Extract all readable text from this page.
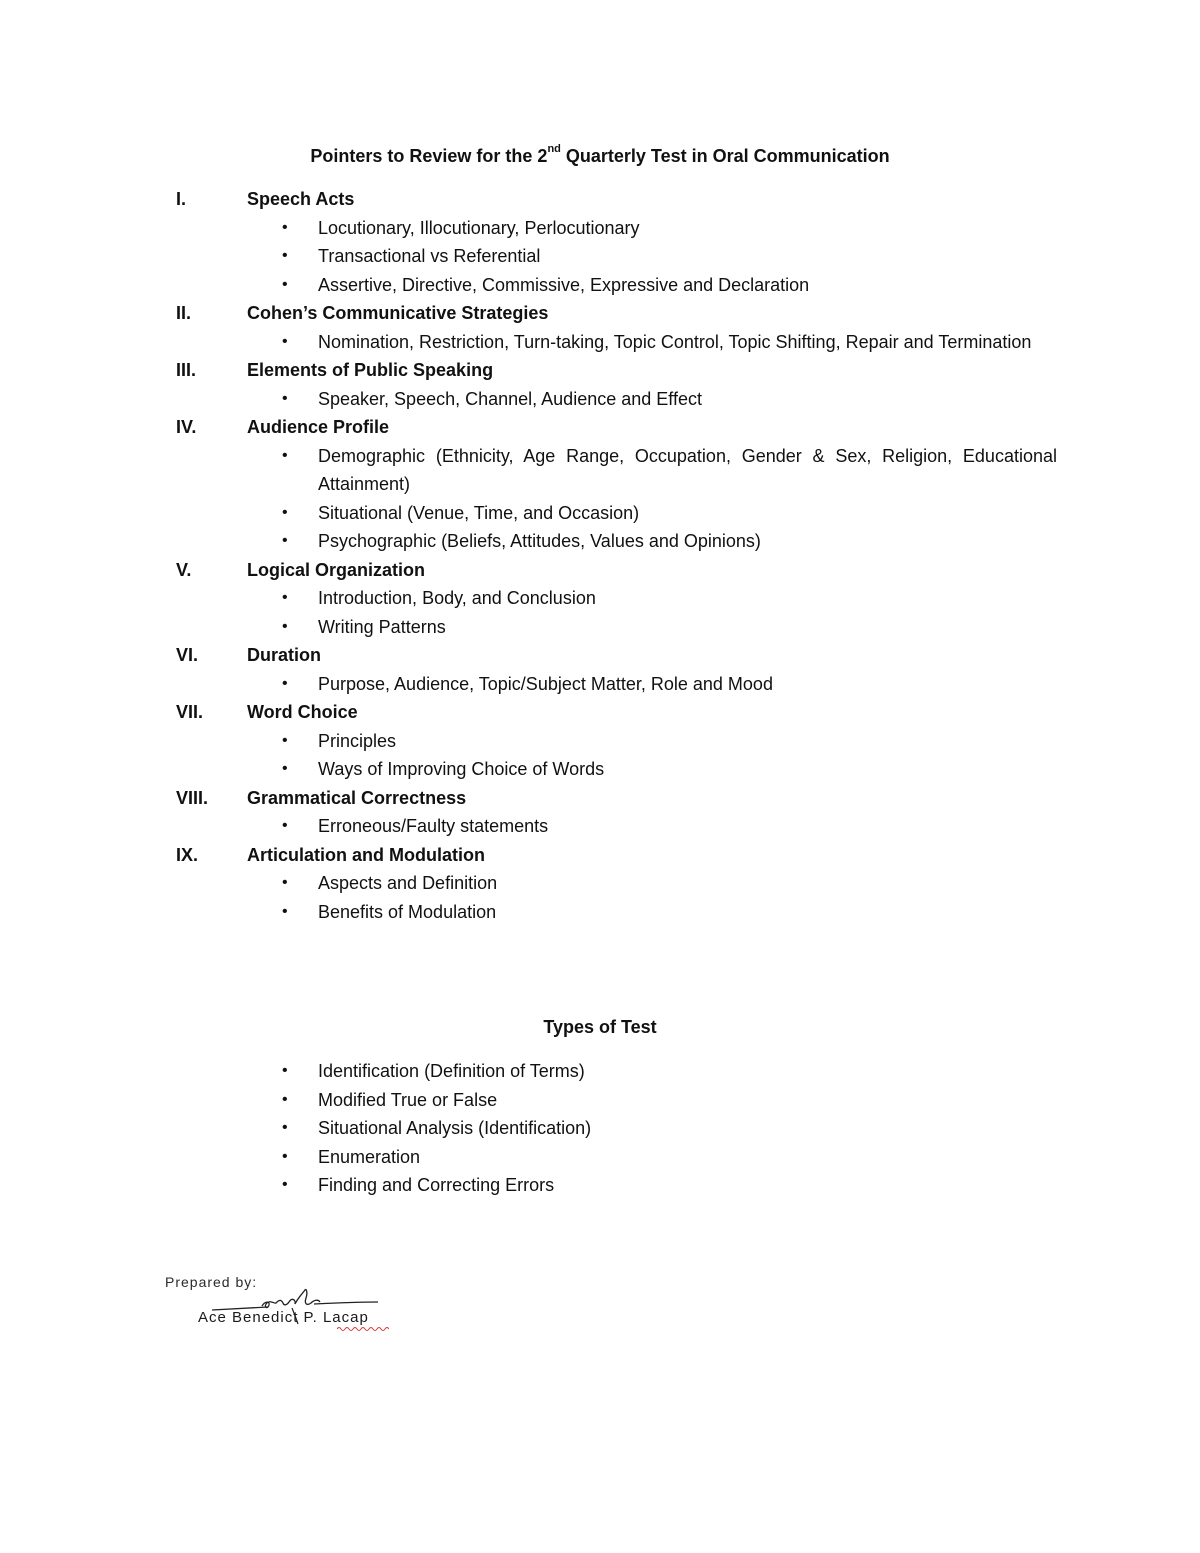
Pointers to Review for the 2nd Quarterly Test in Oral Communication
I.	Speech Acts
• Locutionary, Illocutionary, Perlocutionary
• Transactional vs Referential
• Assertive, Directive, Commissive, Expressive and Declaration
II.	Cohen’s Communicative Strategies
• Nomination, Restriction, Turn-taking, Topic Control, Topic Shifting, Repair and Termination
III.	Elements of Public Speaking
• Speaker, Speech, Channel, Audience and Effect
IV.	Audience Profile
• Demographic (Ethnicity, Age Range, Occupation, Gender & Sex, Religion, Educational Attainment)
• Situational (Venue, Time, and Occasion)
• Psychographic (Beliefs, Attitudes, Values and Opinions)
V.	Logical Organization
• Introduction, Body, and Conclusion
• Writing Patterns
VI.	Duration
• Purpose, Audience, Topic/Subject Matter, Role and Mood
VII. Word Choice
• Principles
• Ways of Improving Choice of Words
VIII. Grammatical Correctness
• Erroneous/Faulty statements
IX.	Articulation and Modulation
• Aspects and Definition
• Benefits of Modulation
Types of Test
• Identification (Definition of Terms)
• Modified True or False
• Situational Analysis (Identification)
• Enumeration
• Finding and Correcting Errors
Prepared by:
Ace Benedict P. Lacap
